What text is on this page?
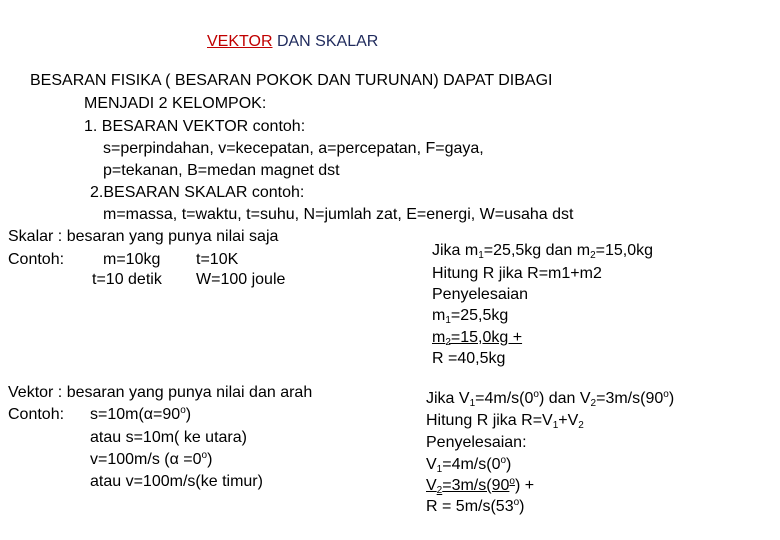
VEKTOR DAN SKALAR
BESARAN FISIKA ( BESARAN POKOK DAN TURUNAN) DAPAT DIBAGI
MENJADI 2 KELOMPOK:
1. BESARAN VEKTOR contoh:
s=perpindahan, v=kecepatan, a=percepatan, F=gaya,
p=tekanan, B=medan magnet dst
2.BESARAN SKALAR contoh:
m=massa, t=waktu, t=suhu, N=jumlah zat, E=energi, W=usaha dst
Skalar : besaran yang punya nilai saja
Contoh: m=10kg t=10K
t=10 detik W=100 joule
Jika $m_1=25,5kg$ dan $m_2=15,0kg$
Hitung R jika R=m1+m2
Penyelesaian
$m_1=25,5kg$
$m_2=15,0kg$ +
R =40,5kg
Vektor : besaran yang punya nilai dan arah
Contoh: $s=10m(\alpha=90^o)$
atau s=10m( ke utara)
v=100m/s $(\alpha =0^o)$
atau v=100m/s(ke timur)
Jika $V_1=4m/s(0^o)$ dan $V_2=3m/s(90^o)$
Hitung R jika $R=V_1+V_2$
Penyelesaian:
$V_1=4m/s(0^o)$
$V_2=3m/s(90^o)$ +
$R = 5m/s(53^o)$
